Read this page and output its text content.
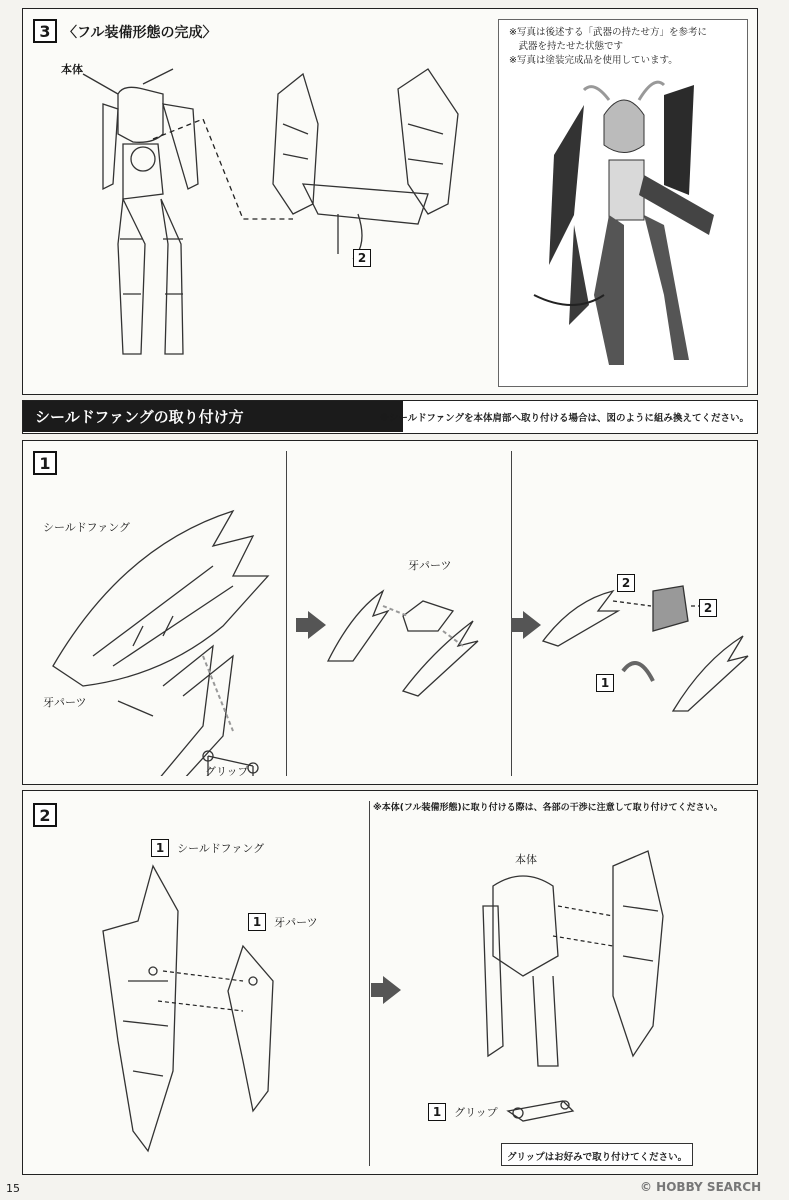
3 〈フル装備形態の完成〉
本体
2
※写真は後述する「武器の持たせ方」を参考に
　武器を持たせた状態です
※写真は塗装完成品を使用しています。
シールドファングの取り付け方	※シールドファングを本体肩部へ取り付ける場合は、図のように組み換えてください。
1
シールドファング
牙パーツ
グリップ
牙パーツ
2
2
1
2	※本体(フル装備形態)に取り付ける際は、各部の干渉に注意して取り付けてください。
1 シールドファング
1 牙パーツ
本体
1 グリップ
グリップはお好みで取り付けてください。
15	© HOBBY SEARCH
